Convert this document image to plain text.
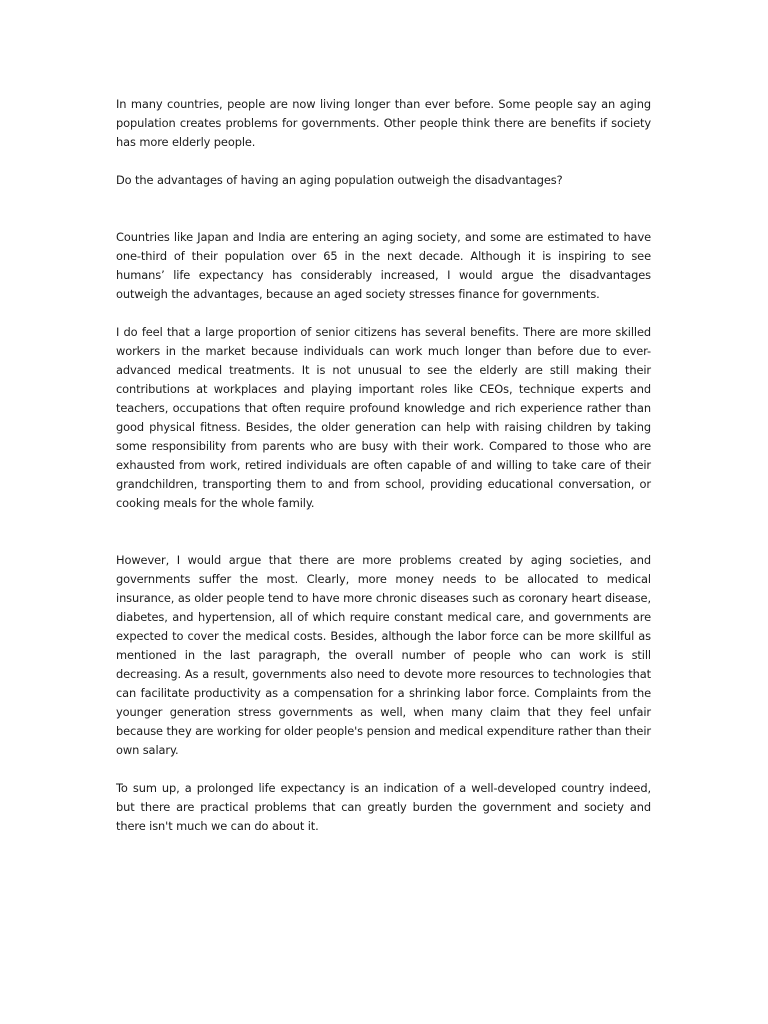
In many countries, people are now living longer than ever before. Some people say an aging population creates problems for governments. Other people think there are benefits if society has more elderly people.

Do the advantages of having an aging population outweigh the disadvantages?

Countries like Japan and India are entering an aging society, and some are estimated to have one-third of their population over 65 in the next decade. Although it is inspiring to see humans’ life expectancy has considerably increased, I would argue the disadvantages outweigh the advantages, because an aged society stresses finance for governments.

I do feel that a large proportion of senior citizens has several benefits. There are more skilled workers in the market because individuals can work much longer than before due to ever-advanced medical treatments. It is not unusual to see the elderly are still making their contributions at workplaces and playing important roles like CEOs, technique experts and teachers, occupations that often require profound knowledge and rich experience rather than good physical fitness. Besides, the older generation can help with raising children by taking some responsibility from parents who are busy with their work. Compared to those who are exhausted from work, retired individuals are often capable of and willing to take care of their grandchildren, transporting them to and from school, providing educational conversation, or cooking meals for the whole family.

However, I would argue that there are more problems created by aging societies, and governments suffer the most. Clearly, more money needs to be allocated to medical insurance, as older people tend to have more chronic diseases such as coronary heart disease, diabetes, and hypertension, all of which require constant medical care, and governments are expected to cover the medical costs. Besides, although the labor force can be more skillful as mentioned in the last paragraph, the overall number of people who can work is still decreasing. As a result, governments also need to devote more resources to technologies that can facilitate productivity as a compensation for a shrinking labor force. Complaints from the younger generation stress governments as well, when many claim that they feel unfair because they are working for older people's pension and medical expenditure rather than their own salary.

To sum up, a prolonged life expectancy is an indication of a well-developed country indeed, but there are practical problems that can greatly burden the government and society and there isn't much we can do about it.
